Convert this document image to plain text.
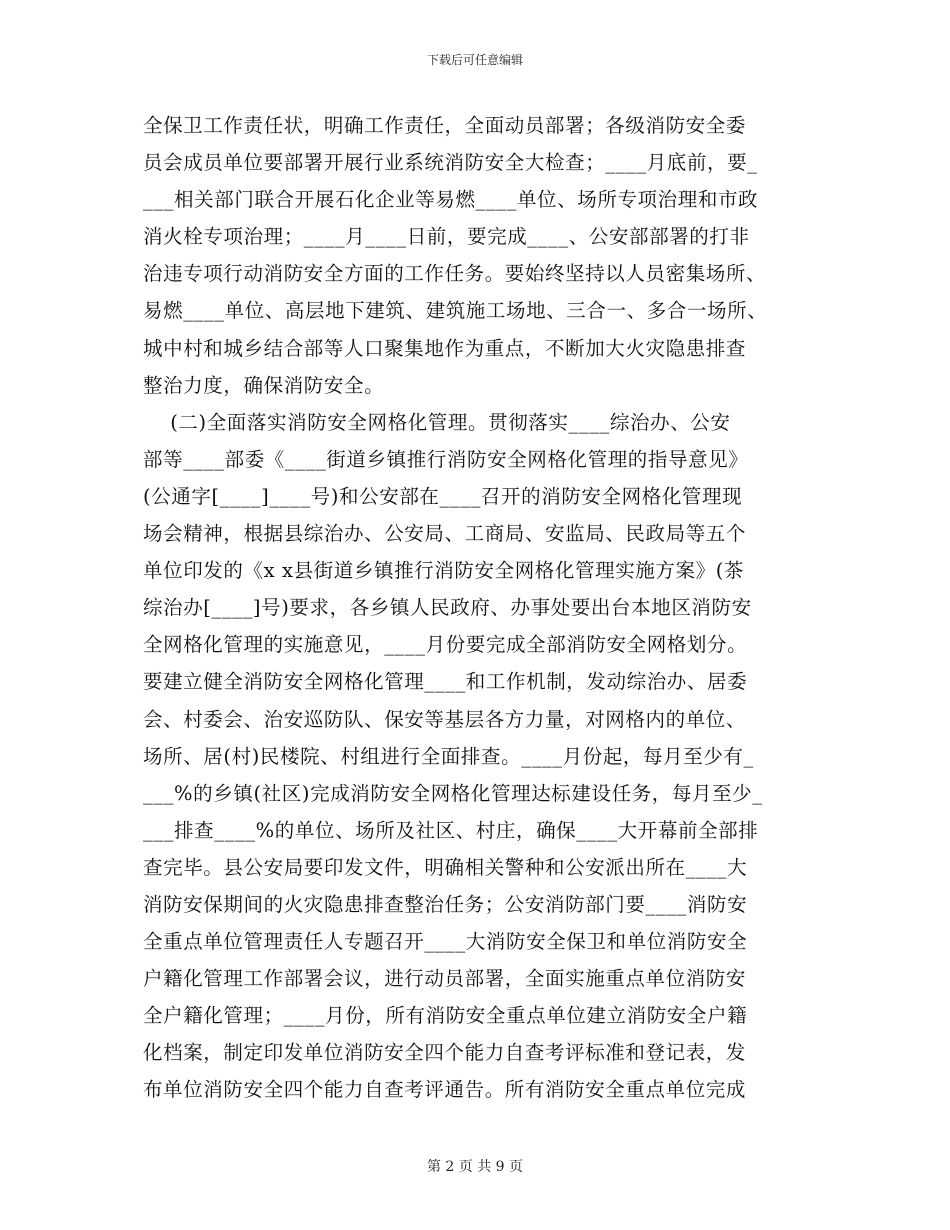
下载后可任意编辑
全保卫工作责任状，明确工作责任，全面动员部署；各级消防安全委
员会成员单位要部署开展行业系统消防安全大检查；____月底前，要_
___相关部门联合开展石化企业等易燃____单位、场所专项治理和市政
消火栓专项治理；____月____日前，要完成____、公安部部署的打非
治违专项行动消防安全方面的工作任务。要始终坚持以人员密集场所、
易燃____单位、高层地下建筑、建筑施工场地、三合一、多合一场所、
城中村和城乡结合部等人口聚集地作为重点，不断加大火灾隐患排查
整治力度，确保消防安全。
(二)全面落实消防安全网格化管理。贯彻落实____综治办、公安
部等____部委《____街道乡镇推行消防安全网格化管理的指导意见》
(公通字[____]____号)和公安部在____召开的消防安全网格化管理现
场会精神，根据县综治办、公安局、工商局、安监局、民政局等五个
单位印发的《x x县街道乡镇推行消防安全网格化管理实施方案》(茶
综治办[____]号)要求，各乡镇人民政府、办事处要出台本地区消防安
全网格化管理的实施意见，____月份要完成全部消防安全网格划分。
要建立健全消防安全网格化管理____和工作机制，发动综治办、居委
会、村委会、治安巡防队、保安等基层各方力量，对网格内的单位、
场所、居(村)民楼院、村组进行全面排查。____月份起，每月至少有_
___%的乡镇(社区)完成消防安全网格化管理达标建设任务，每月至少_
___排查____%的单位、场所及社区、村庄，确保____大开幕前全部排
查完毕。县公安局要印发文件，明确相关警种和公安派出所在____大
消防安保期间的火灾隐患排查整治任务；公安消防部门要____消防安
全重点单位管理责任人专题召开____大消防安全保卫和单位消防安全
户籍化管理工作部署会议，进行动员部署，全面实施重点单位消防安
全户籍化管理；____月份，所有消防安全重点单位建立消防安全户籍
化档案，制定印发单位消防安全四个能力自查考评标准和登记表，发
布单位消防安全四个能力自查考评通告。所有消防安全重点单位完成
第 2 页 共 9 页
